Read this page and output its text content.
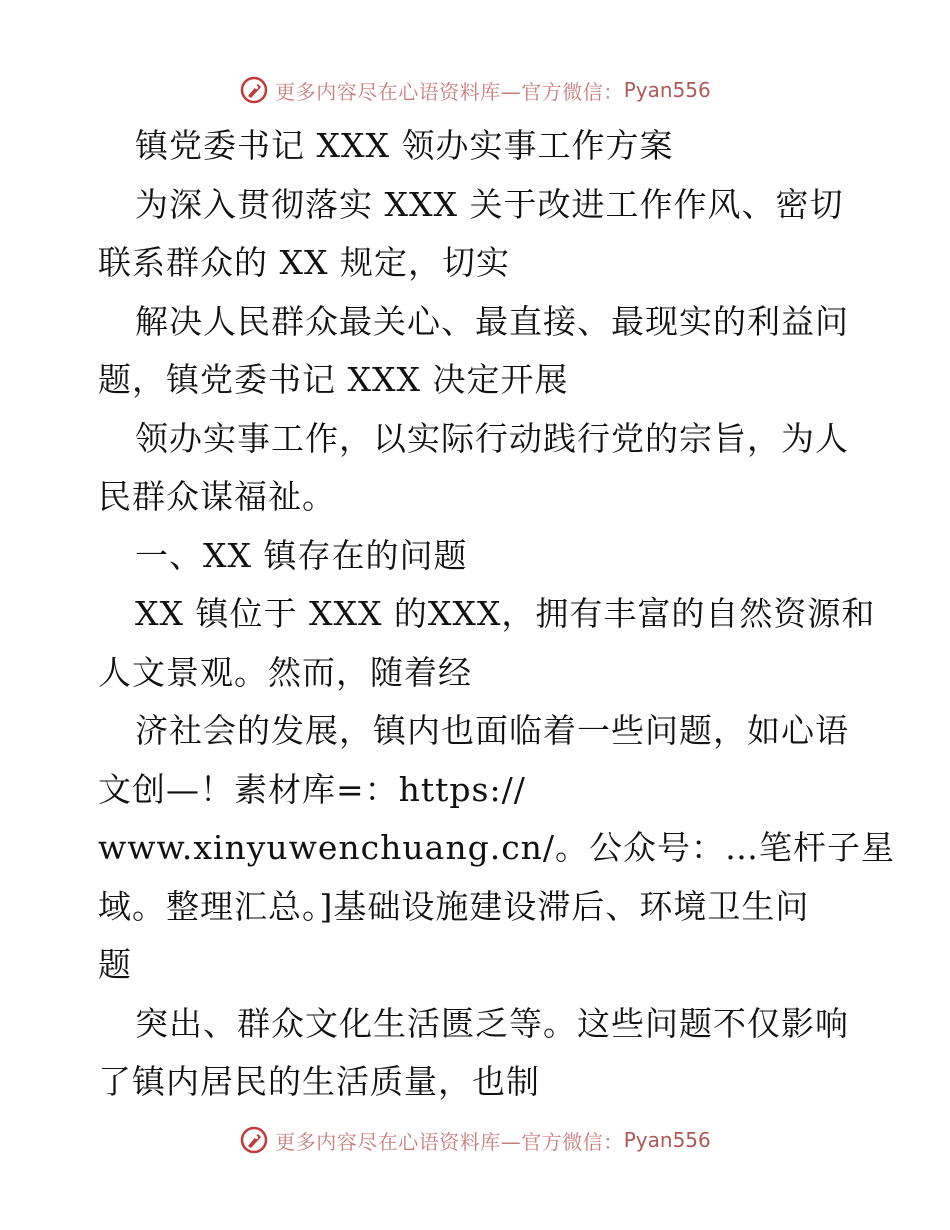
更多内容尽在心语资料库—官方微信： Pyan556
镇党委书记 XXX 领办实事工作方案
为深入贯彻落实 XXX 关于改进工作作风、密切
联系群众的 XX 规定，切实
解决人民群众最关心、最直接、最现实的利益问
题，镇党委书记 XXX 决定开展
领办实事工作，以实际行动践行党的宗旨，为人
民群众谋福祉。
一、XX 镇存在的问题
XX 镇位于 XXX 的XXX，拥有丰富的自然资源和
人文景观。然而，随着经
济社会的发展，镇内也面临着一些问题，如心语
文创—！素材库=：https://
www.xinyuwenchuang.cn/。公众号：…笔杆子星
域。整理汇总。]基础设施建设滞后、环境卫生问
题
突出、群众文化生活匮乏等。这些问题不仅影响
了镇内居民的生活质量，也制
更多内容尽在心语资料库—官方微信： Pyan556
